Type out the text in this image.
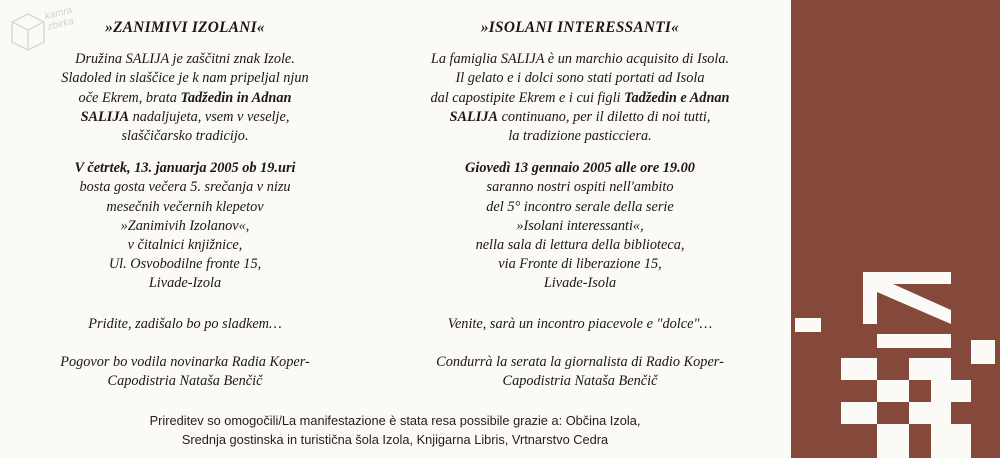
kamra
zbirka	»ZANIMIVI IZOLANI«
Družina SALIJA je zaščitni znak Izole.
Sladoled in slaščice je k nam pripeljal njun
oče Ekrem, brata Tadžedin in Adnan
SALIJA nadaljujeta, vsem v veselje,
slaščičarsko tradicijo.
V četrtek, 13. januarja 2005 ob 19.uri
bosta gosta večera 5. srečanja v nizu
mesečnih večernih klepetov
»Zanimivih Izolanov«,
v čitalnici knjižnice,
Ul. Osvobodilne fronte 15,
Livade-Izola
Pridite, zadišalo bo po sladkem…
Pogovor bo vodila novinarka Radia Koper-
Capodistria Nataša Benčič
»ISOLANI INTERESSANTI«
La famiglia SALIJA è un marchio acquisito di Isola.
Il gelato e i dolci sono stati portati ad Isola
dal capostipite Ekrem e i cui figli Tadžedin e Adnan
SALIJA continuano, per il diletto di noi tutti,
la tradizione pasticciera.
Giovedì 13 gennaio 2005 alle ore 19.00
saranno nostri ospiti nell'ambito
del 5° incontro serale della serie
»Isolani interessanti«,
nella sala di lettura della biblioteca,
via Fronte di liberazione 15,
Livade-Isola
Venite, sarà un incontro piacevole e "dolce"…
Condurrà la serata la giornalista di Radio Koper-
Capodistria Nataša Benčič
Prireditev so omogočili/La manifestazione è stata resa possibile grazie a: Občina Izola,
Srednja gostinska in turistična šola Izola, Knjigarna Libris, Vrtnarstvo Cedra
